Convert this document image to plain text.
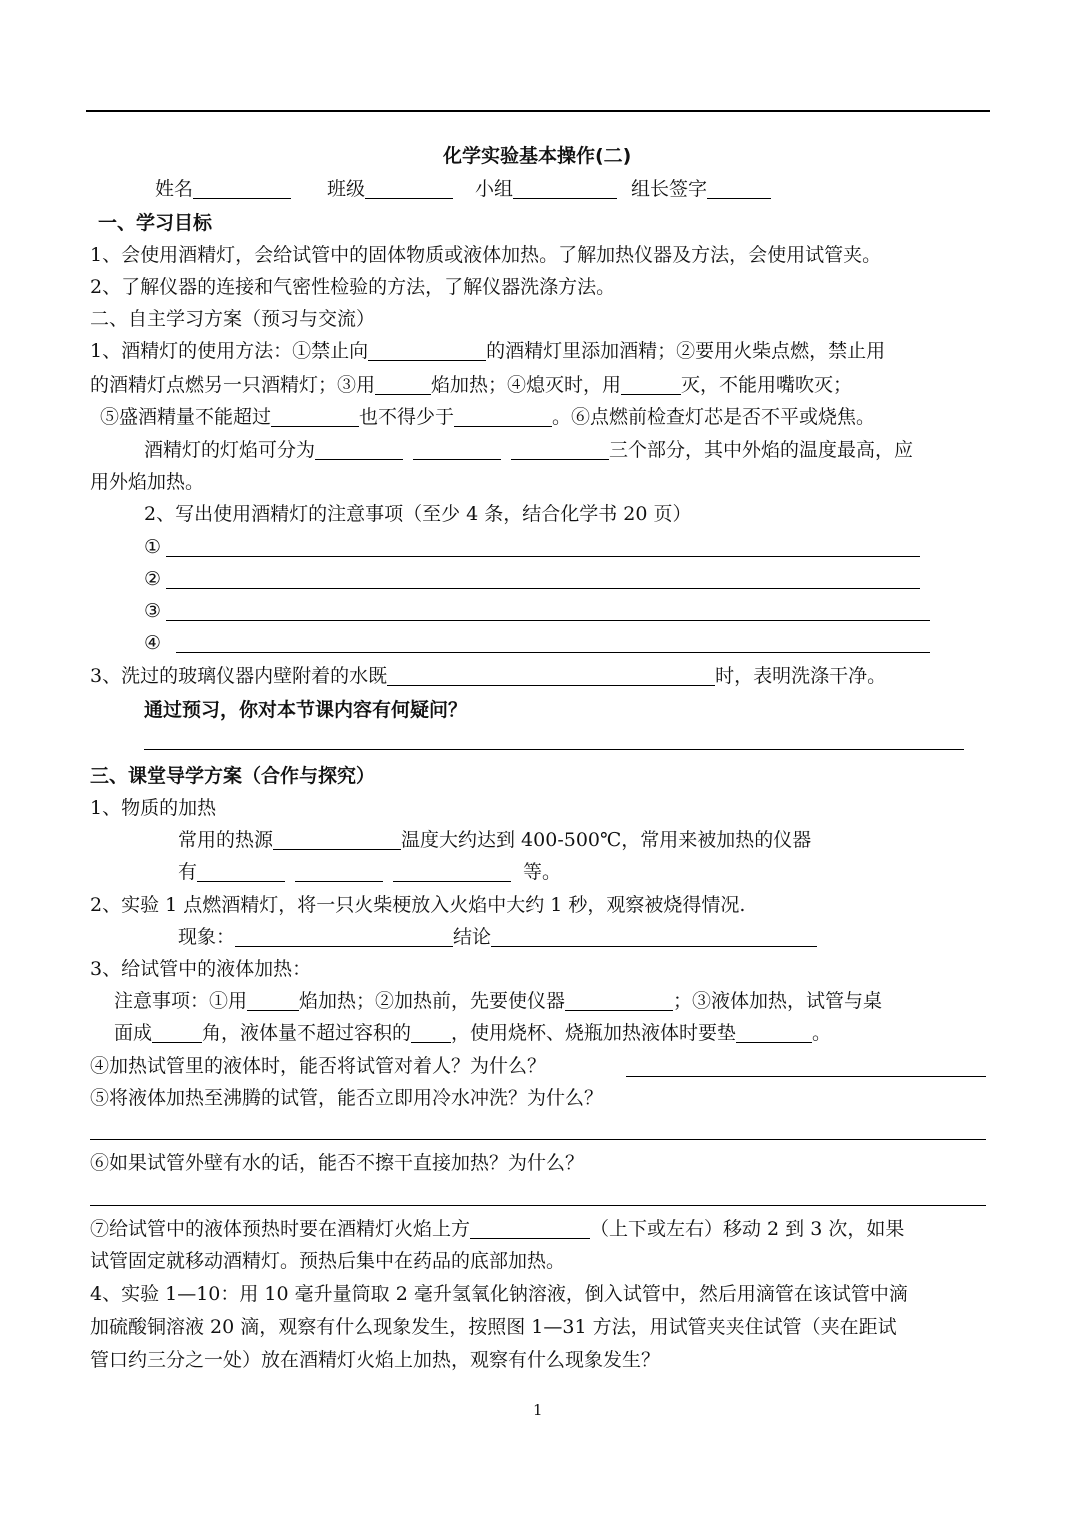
化学实验基本操作(二)
姓名	班级	小组	组长签字
一、学习目标
1、会使用酒精灯，会给试管中的固体物质或液体加热。了解加热仪器及方法，会使用试管夹。
2、了解仪器的连接和气密性检验的方法，了解仪器洗涤方法。
二、自主学习方案（预习与交流）
1、酒精灯的使用方法：①禁止向	的酒精灯里添加酒精；②要用火柴点燃，禁止用
的酒精灯点燃另一只酒精灯；③用	焰加热；④熄灭时，用	灭，不能用嘴吹灭；
⑤盛酒精量不能超过	也不得少于	。⑥点燃前检查灯芯是否不平或烧焦。
酒精灯的灯焰可分为	三个部分，其中外焰的温度最高，应
用外焰加热。
2、写出使用酒精灯的注意事项（至少 4 条，结合化学书 20 页）
①
②
③
④
3、洗过的玻璃仪器内壁附着的水既	时，表明洗涤干净。
通过预习，你对本节课内容有何疑问？
三、课堂导学方案（合作与探究）
1、物质的加热
常用的热源	温度大约达到 400-500℃，常用来被加热的仪器
有	等。
2、实验 1 点燃酒精灯，将一只火柴梗放入火焰中大约 1 秒，观察被烧得情况.
现象：	结论
3、给试管中的液体加热：
注意事项：①用	焰加热；②加热前，先要使仪器	；③液体加热，试管与桌
面成	角，液体量不超过容积的 ，使用烧杯、烧瓶加热液体时要垫	。
④加热试管里的液体时，能否将试管对着人？为什么？
⑤将液体加热至沸腾的试管，能否立即用冷水冲洗？为什么？
⑥如果试管外壁有水的话，能否不擦干直接加热？为什么？
⑦给试管中的液体预热时要在酒精灯火焰上方	（上下或左右）移动 2 到 3 次，如果
试管固定就移动酒精灯。预热后集中在药品的底部加热。
4、实验 1—10：用 10 毫升量筒取 2 毫升氢氧化钠溶液，倒入试管中，然后用滴管在该试管中滴
加硫酸铜溶液 20 滴，观察有什么现象发生，按照图 1—31 方法，用试管夹夹住试管（夹在距试
管口约三分之一处）放在酒精灯火焰上加热，观察有什么现象发生？
1
